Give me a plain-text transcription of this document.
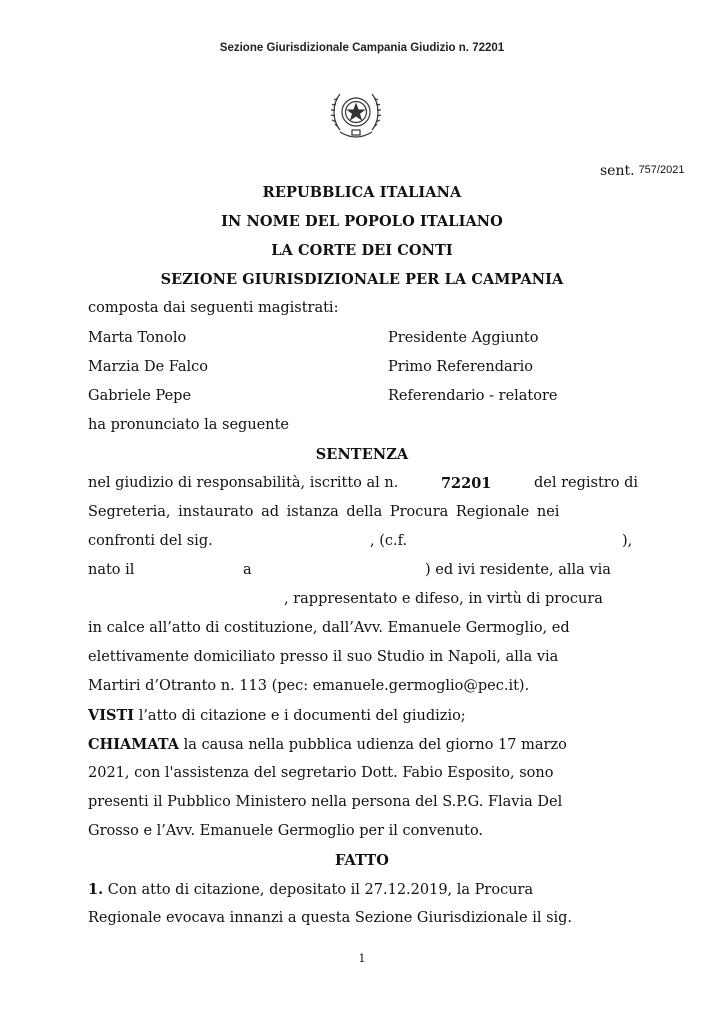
Sezione Giurisdizionale Campania Giudizio n. 72201
sent. 757/2021
REPUBBLICA ITALIANA
IN NOME DEL POPOLO ITALIANO
LA CORTE DEI CONTI
SEZIONE GIURISDIZIONALE PER LA CAMPANIA
composta dai seguenti magistrati:
Marta Tonolo	Presidente Aggiunto
Marzia De Falco	Primo Referendario
Gabriele Pepe	Referendario - relatore
ha pronunciato la seguente
SENTENZA
nel giudizio di responsabilità, iscritto al n.	72201	del registro di
Segreteria, instaurato ad istanza della Procura Regionale nei
confronti del sig.	, (c.f.	),
nato il	a	) ed ivi residente, alla via
, rappresentato e difeso, in virtù di procura
in calce all’atto di costituzione, dall’Avv. Emanuele Germoglio, ed
elettivamente domiciliato presso il suo Studio in Napoli, alla via
Martiri d’Otranto n. 113 (pec: emanuele.germoglio@pec.it).
VISTI l’atto di citazione e i documenti del giudizio;
CHIAMATA la causa nella pubblica udienza del giorno 17 marzo
2021, con l'assistenza del segretario Dott. Fabio Esposito, sono
presenti il Pubblico Ministero nella persona del S.P.G. Flavia Del
Grosso e l’Avv. Emanuele Germoglio per il convenuto.
FATTO
1. Con atto di citazione, depositato il 27.12.2019, la Procura
Regionale evocava innanzi a questa Sezione Giurisdizionale il sig.
1
